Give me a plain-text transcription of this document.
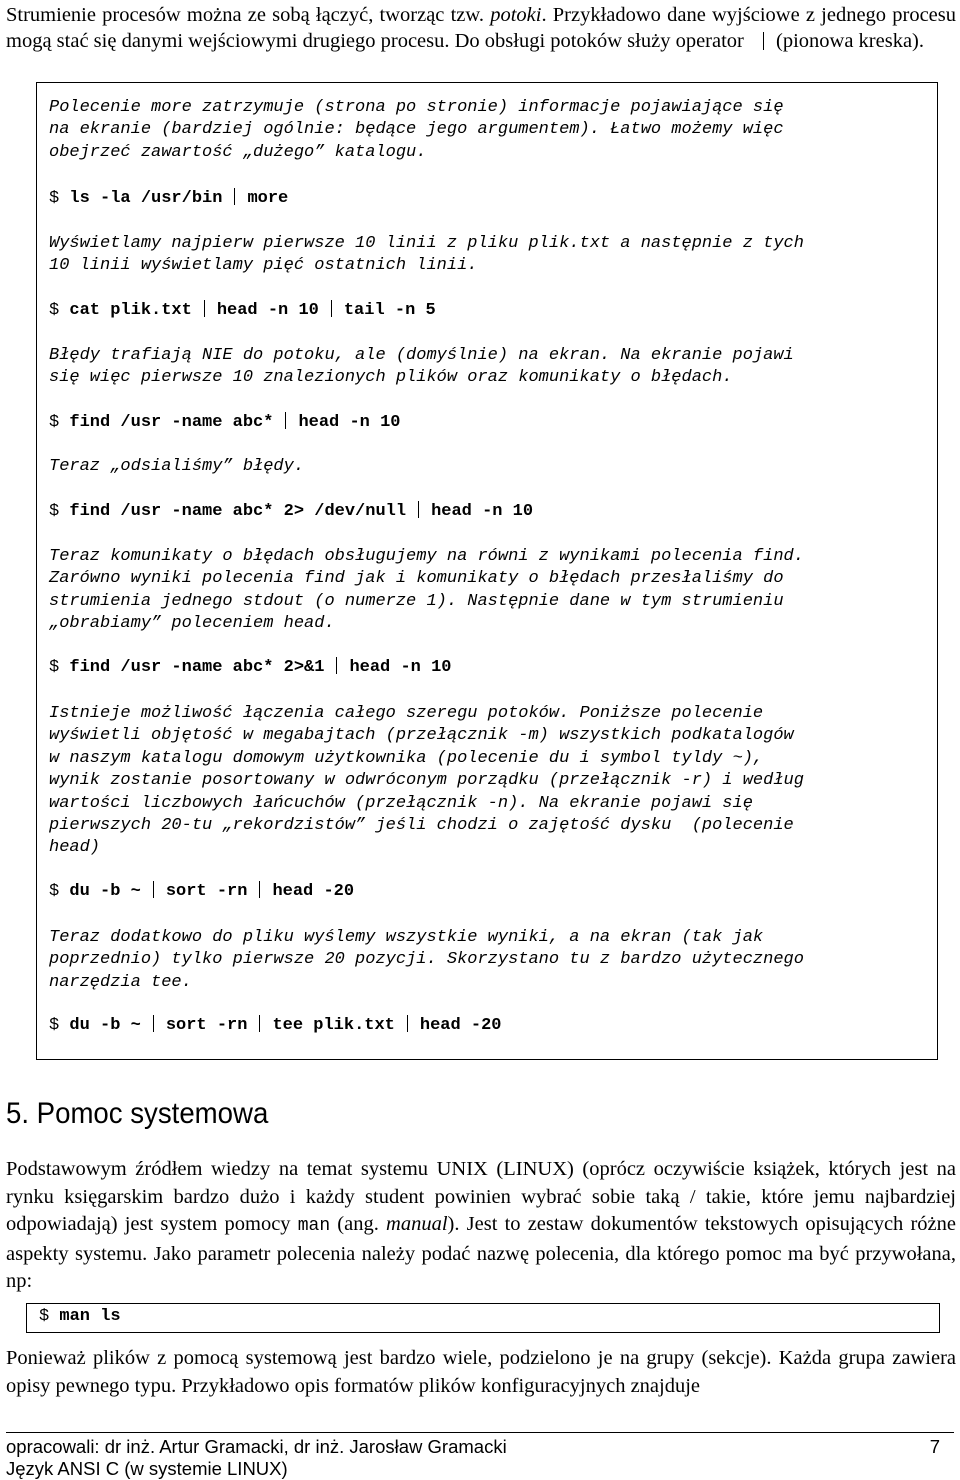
Strumienie procesów można ze sobą łączyć, tworząc tzw. potoki. Przykładowo dane wyjściowe z jednego procesu mogą stać się danymi wejściowymi drugiego procesu. Do obsługi potoków służy operator (pionowa kreska).

Polecenie more zatrzymuje (strona po stronie) informacje pojawiające się
na ekranie (bardziej ogólnie: będące jego argumentem). Łatwo możemy więc
obejrzeć zawartość „dużego” katalogu.
$ ls -la /usr/bin more
Wyświetlamy najpierw pierwsze 10 linii z pliku plik.txt a następnie z tych
10 linii wyświetlamy pięć ostatnich linii.
$ cat plik.txt head -n 10 tail -n 5
Błędy trafiają NIE do potoku, ale (domyślnie) na ekran. Na ekranie pojawi
się więc pierwsze 10 znalezionych plików oraz komunikaty o błędach.
$ find /usr -name abc* head -n 10
Teraz „odsialiśmy” błędy.
$ find /usr -name abc* 2> /dev/null head -n 10
Teraz komunikaty o błędach obsługujemy na równi z wynikami polecenia find.
Zarówno wyniki polecenia find jak i komunikaty o błędach przesłaliśmy do
strumienia jednego stdout (o numerze 1). Następnie dane w tym strumieniu
„obrabiamy” poleceniem head.
$ find /usr -name abc* 2>&1 head -n 10
Istnieje możliwość łączenia całego szeregu potoków. Poniższe polecenie
wyświetli objętość w megabajtach (przełącznik -m) wszystkich podkatalogów
w naszym katalogu domowym użytkownika (polecenie du i symbol tyldy ~),
wynik zostanie posortowany w odwróconym porządku (przełącznik -r) i według
wartości liczbowych łańcuchów (przełącznik -n). Na ekranie pojawi się
pierwszych 20-tu „rekordzistów” jeśli chodzi o zajętość dysku  (polecenie
head)
$ du -b ~ sort -rn head -20
Teraz dodatkowo do pliku wyślemy wszystkie wyniki, a na ekran (tak jak
poprzednio) tylko pierwsze 20 pozycji. Skorzystano tu z bardzo użytecznego
narzędzia tee.
$ du -b ~ sort -rn tee plik.txt head -20
5. Pomoc systemowa

Podstawowym źródłem wiedzy na temat systemu UNIX (LINUX) (oprócz oczywiście książek, których jest na rynku księgarskim bardzo dużo i każdy student powinien wybrać sobie taką / takie, które jemu najbardziej odpowiadają) jest system pomocy man (ang. manual). Jest to zestaw dokumentów tekstowych opisujących różne aspekty systemu. Jako parametr polecenia należy podać nazwę polecenia, dla którego pomoc ma być przywołana, np:

$ man ls

Ponieważ plików z pomocą systemową jest bardzo wiele, podzielono je na grupy (sekcje). Każda grupa zawiera opisy pewnego typu. Przykładowo opis formatów plików konfiguracyjnych znajduje

opracowali: dr inż. Artur Gramacki, dr inż. Jarosław Gramacki	7
Język ANSI C (w systemie LINUX)
